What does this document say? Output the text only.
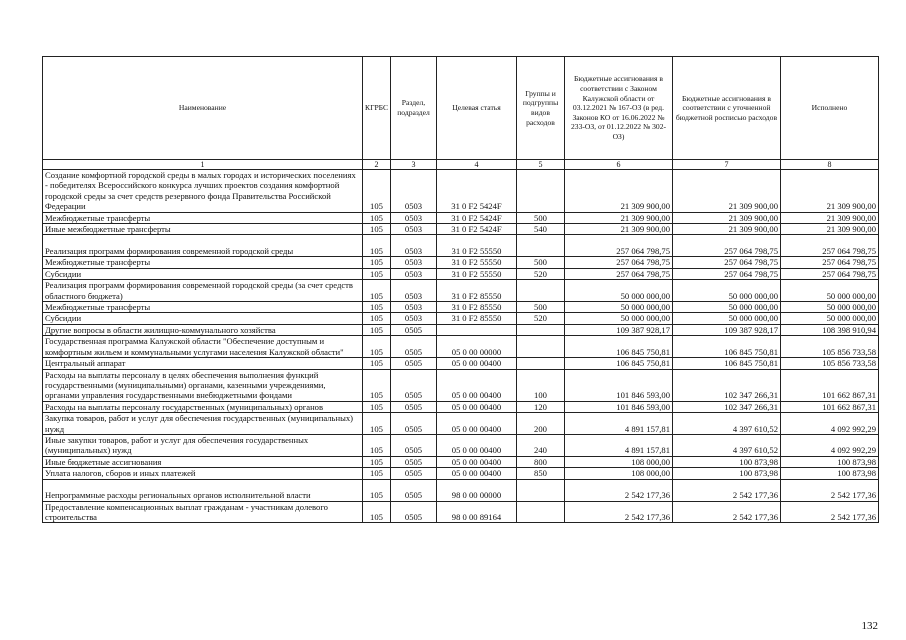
Наименование	КГРБС	Раздел, подраздел	Целевая статья	Группы и подгруппы видов расходов	Бюджетные ассигнования в соответствии с Законом Калужской области от 03.12.2021 № 167-ОЗ (в ред. Законов КО от 16.06.2022 № 233-ОЗ, от 01.12.2022 № 302-ОЗ)	Бюджетные ассигнования в соответствии с уточненной бюджетной росписью расходов	Исполнено
1	2	3	4	5	6	7	8
Создание комфортной городской среды в малых городах и исторических поселениях - победителях Всероссийского конкурса лучших проектов создания комфортной городской среды за счет средств резервного фонда Правительства Российской Федерации	105	0503	31 0 F2 5424F		21 309 900,00	21 309 900,00	21 309 900,00
Межбюджетные трансферты	105	0503	31 0 F2 5424F	500	21 309 900,00	21 309 900,00	21 309 900,00
Иные межбюджетные трансферты	105	0503	31 0 F2 5424F	540	21 309 900,00	21 309 900,00	21 309 900,00
Реализация программ формирования современной городской среды	105	0503	31 0 F2 55550		257 064 798,75	257 064 798,75	257 064 798,75
Межбюджетные трансферты	105	0503	31 0 F2 55550	500	257 064 798,75	257 064 798,75	257 064 798,75
Субсидии	105	0503	31 0 F2 55550	520	257 064 798,75	257 064 798,75	257 064 798,75
Реализация программ формирования современной городской среды (за счет средств областного бюджета)	105	0503	31 0 F2 85550		50 000 000,00	50 000 000,00	50 000 000,00
Межбюджетные трансферты	105	0503	31 0 F2 85550	500	50 000 000,00	50 000 000,00	50 000 000,00
Субсидии	105	0503	31 0 F2 85550	520	50 000 000,00	50 000 000,00	50 000 000,00
Другие вопросы в области жилищно-коммунального хозяйства	105	0505			109 387 928,17	109 387 928,17	108 398 910,94
Государственная программа Калужской области "Обеспечение доступным и комфортным жильем и коммунальными услугами населения Калужской области"	105	0505	05 0 00 00000		106 845 750,81	106 845 750,81	105 856 733,58
Центральный аппарат	105	0505	05 0 00 00400		106 845 750,81	106 845 750,81	105 856 733,58
Расходы на выплаты персоналу в целях обеспечения выполнения функций государственными (муниципальными) органами, казенными учреждениями, органами управления государственными внебюджетными фондами	105	0505	05 0 00 00400	100	101 846 593,00	102 347 266,31	101 662 867,31
Расходы на выплаты персоналу государственных (муниципальных) органов	105	0505	05 0 00 00400	120	101 846 593,00	102 347 266,31	101 662 867,31
Закупка товаров, работ и услуг для обеспечения государственных (муниципальных) нужд	105	0505	05 0 00 00400	200	4 891 157,81	4 397 610,52	4 092 992,29
Иные закупки товаров, работ и услуг для обеспечения государственных (муниципальных) нужд	105	0505	05 0 00 00400	240	4 891 157,81	4 397 610,52	4 092 992,29
Иные бюджетные ассигнования	105	0505	05 0 00 00400	800	108 000,00	100 873,98	100 873,98
Уплата налогов, сборов и иных платежей	105	0505	05 0 00 00400	850	108 000,00	100 873,98	100 873,98
Непрограммные расходы региональных органов исполнительной власти	105	0505	98 0 00 00000		2 542 177,36	2 542 177,36	2 542 177,36
Предоставление компенсационных выплат гражданам - участникам долевого строительства	105	0505	98 0 00 89164		2 542 177,36	2 542 177,36	2 542 177,36
132
